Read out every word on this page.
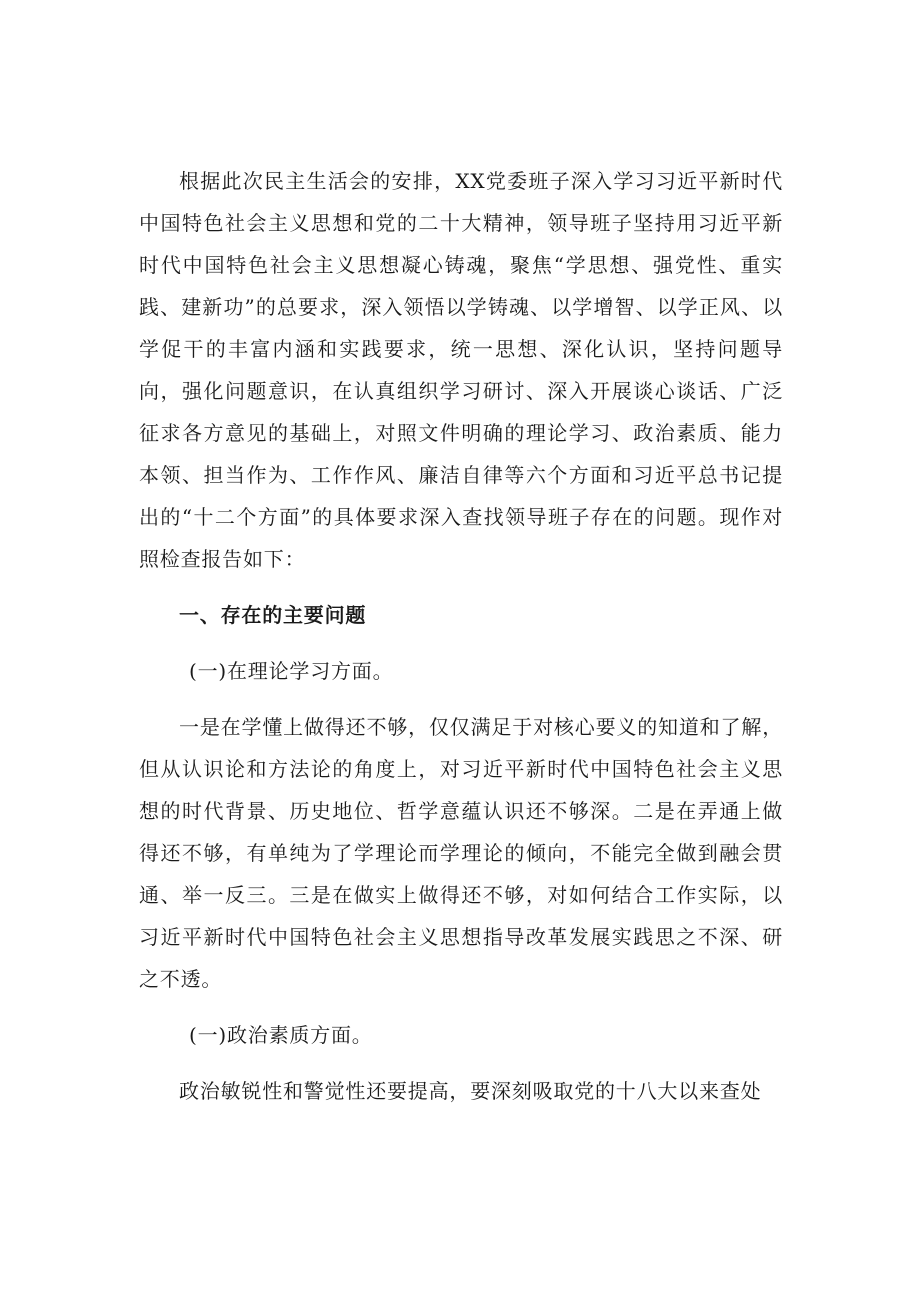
根据此次民主生活会的安排，XX党委班子深入学习习近平新时代中国特色社会主义思想和党的二十大精神，领导班子坚持用习近平新时代中国特色社会主义思想凝心铸魂，聚焦“学思想、强党性、重实践、建新功”的总要求，深入领悟以学铸魂、以学增智、以学正风、以学促干的丰富内涵和实践要求，统一思想、深化认识，坚持问题导向，强化问题意识，在认真组织学习研讨、深入开展谈心谈话、广泛征求各方意见的基础上，对照文件明确的理论学习、政治素质、能力本领、担当作为、工作作风、廉洁自律等六个方面和习近平总书记提出的“十二个方面”的具体要求深入查找领导班子存在的问题。现作对照检查报告如下：

一、存在的主要问题

(一)在理论学习方面。

一是在学懂上做得还不够，仅仅满足于对核心要义的知道和了解，但从认识论和方法论的角度上，对习近平新时代中国特色社会主义思想的时代背景、历史地位、哲学意蕴认识还不够深。二是在弄通上做得还不够，有单纯为了学理论而学理论的倾向，不能完全做到融会贯通、举一反三。三是在做实上做得还不够，对如何结合工作实际，以习近平新时代中国特色社会主义思想指导改革发展实践思之不深、研之不透。

(一)政治素质方面。

政治敏锐性和警觉性还要提高，要深刻吸取党的十八大以来查处
